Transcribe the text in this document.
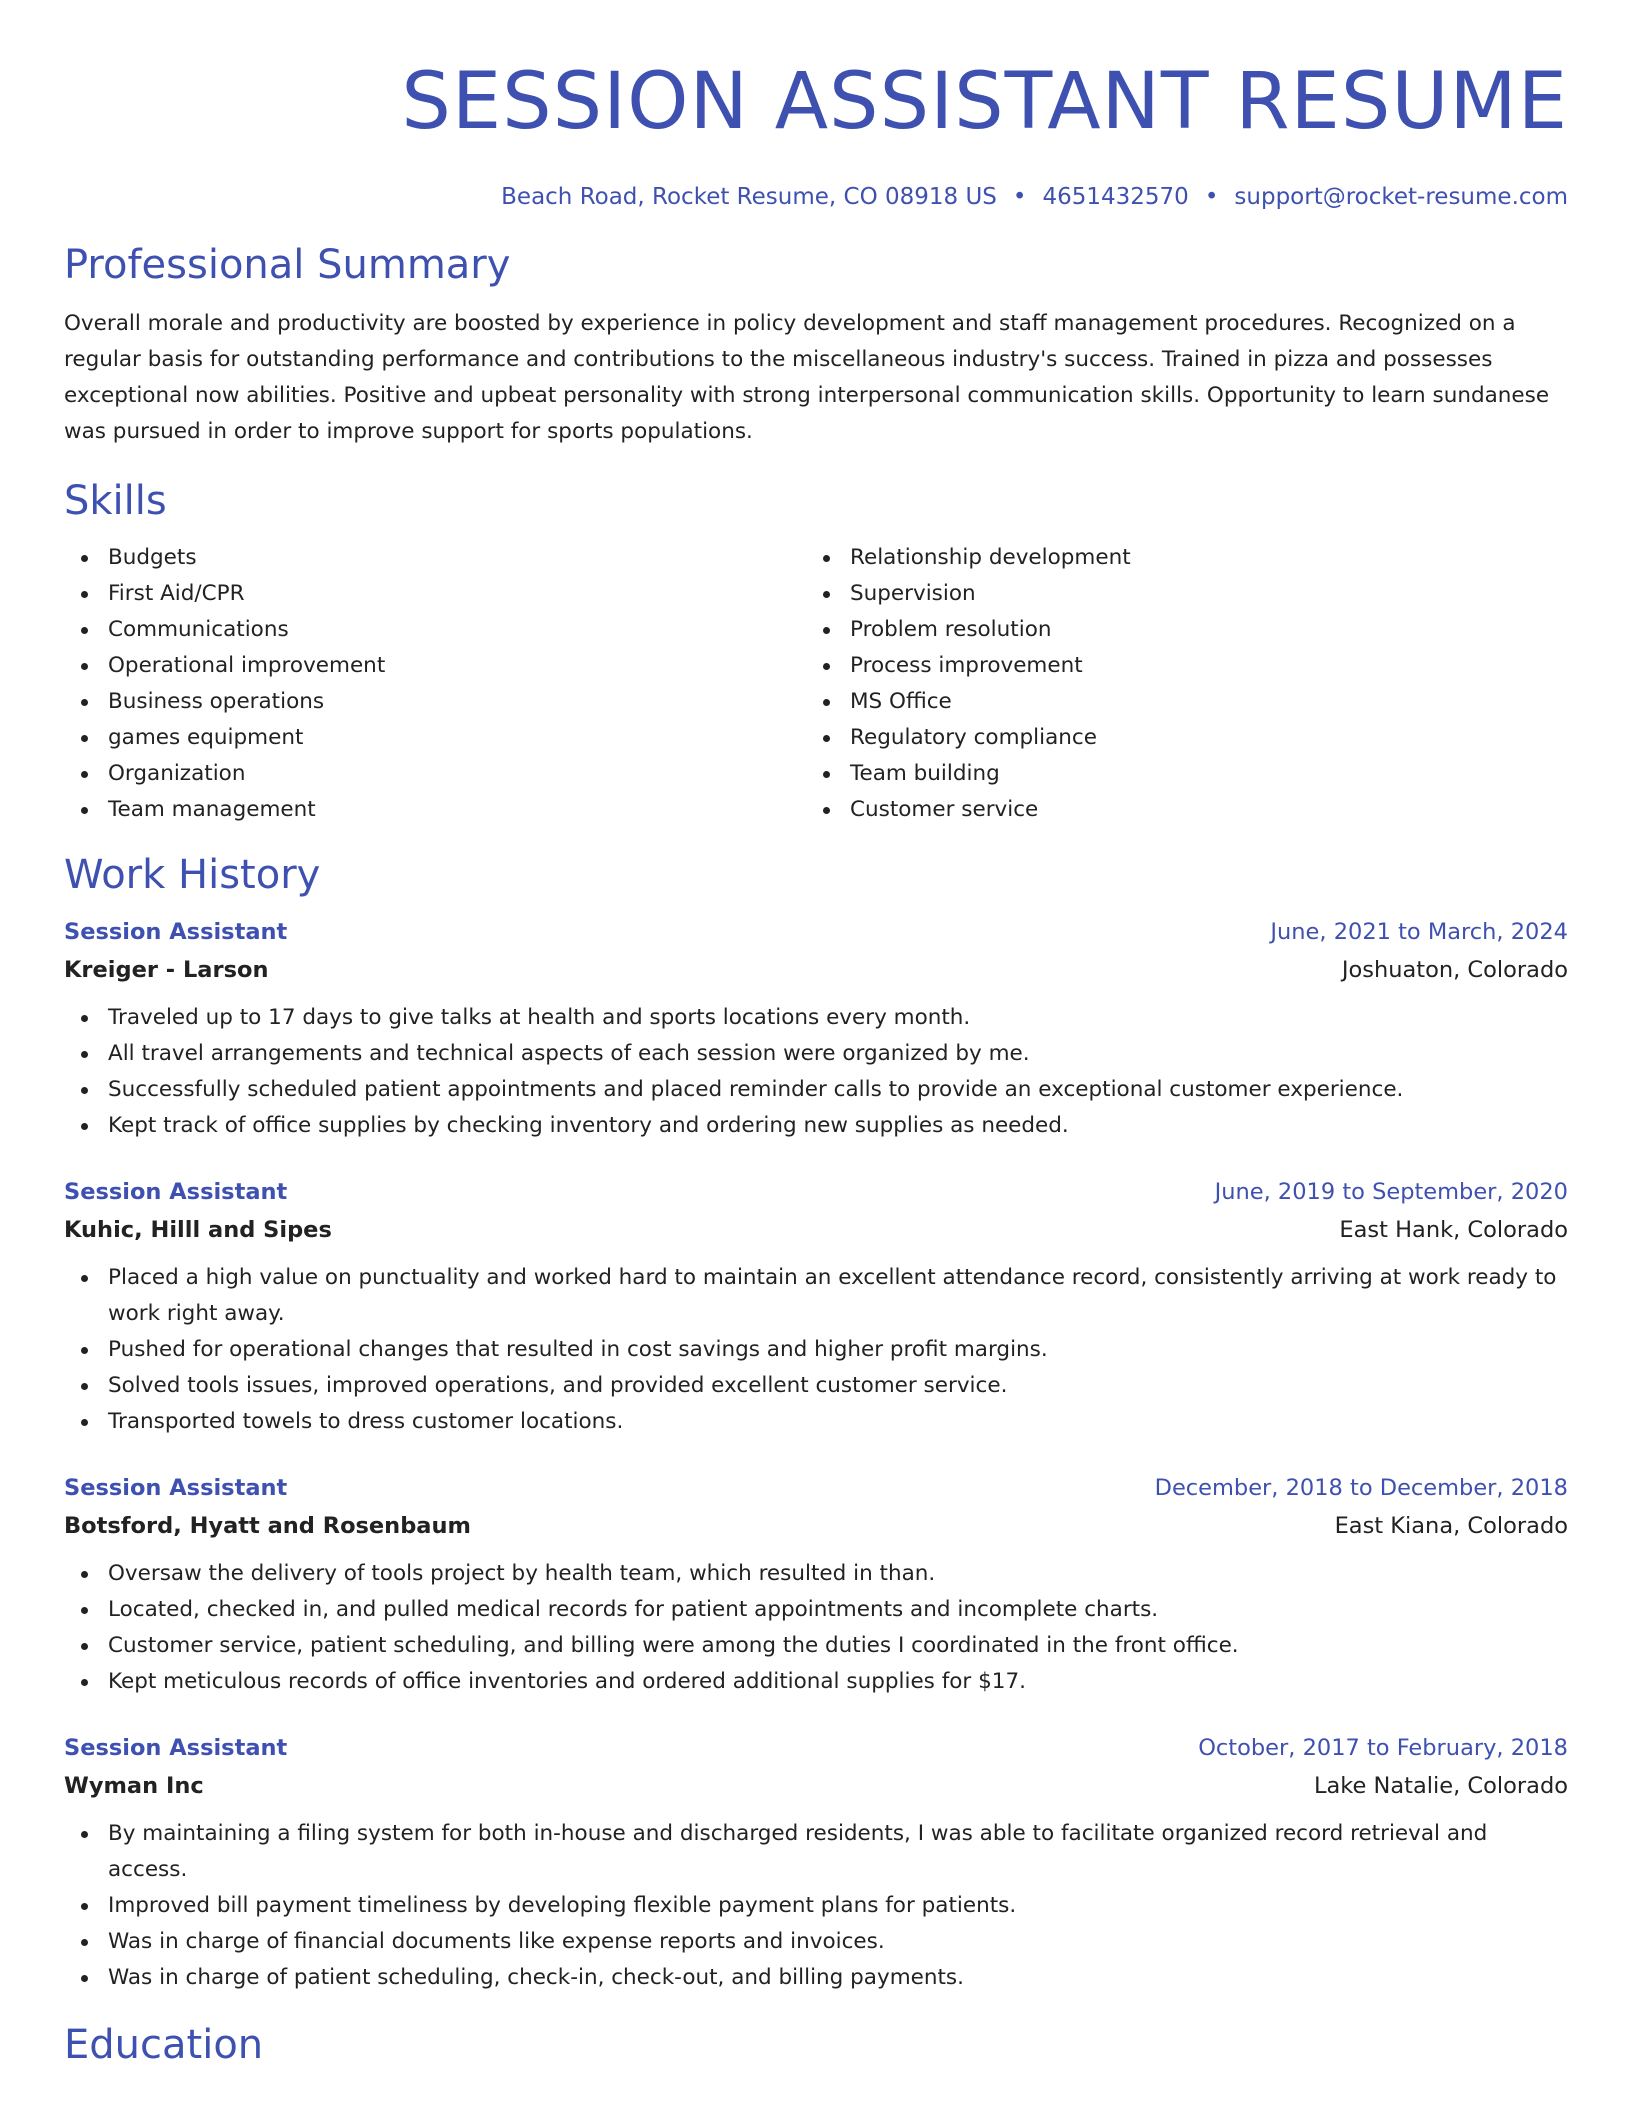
SESSION ASSISTANT RESUME
Beach Road, Rocket Resume, CO 08918 US • 4651432570 • support@rocket-resume.com
Professional Summary

Overall morale and productivity are boosted by experience in policy development and staff management procedures. Recognized on a regular basis for outstanding performance and contributions to the miscellaneous industry's success. Trained in pizza and possesses exceptional now abilities. Positive and upbeat personality with strong interpersonal communication skills. Opportunity to learn sundanese was pursued in order to improve support for sports populations.

Skills
Budgets
First Aid/CPR
Communications
Operational improvement
Business operations
games equipment
Organization
Team management
Relationship development
Supervision
Problem resolution
Process improvement
MS Office
Regulatory compliance
Team building
Customer service
Work History
Session Assistant	June, 2021 to March, 2024
Kreiger - Larson	Joshuaton, Colorado
Traveled up to 17 days to give talks at health and sports locations every month.
All travel arrangements and technical aspects of each session were organized by me.
Successfully scheduled patient appointments and placed reminder calls to provide an exceptional customer experience.
Kept track of office supplies by checking inventory and ordering new supplies as needed.
Session Assistant	June, 2019 to September, 2020
Kuhic, Hilll and Sipes	East Hank, Colorado
Placed a high value on punctuality and worked hard to maintain an excellent attendance record, consistently arriving at work ready to work right away.
Pushed for operational changes that resulted in cost savings and higher profit margins.
Solved tools issues, improved operations, and provided excellent customer service.
Transported towels to dress customer locations.
Session Assistant	December, 2018 to December, 2018
Botsford, Hyatt and Rosenbaum	East Kiana, Colorado
Oversaw the delivery of tools project by health team, which resulted in than.
Located, checked in, and pulled medical records for patient appointments and incomplete charts.
Customer service, patient scheduling, and billing were among the duties I coordinated in the front office.
Kept meticulous records of office inventories and ordered additional supplies for $17.
Session Assistant	October, 2017 to February, 2018
Wyman Inc	Lake Natalie, Colorado
By maintaining a filing system for both in-house and discharged residents, I was able to facilitate organized record retrieval and access.
Improved bill payment timeliness by developing flexible payment plans for patients.
Was in charge of financial documents like expense reports and invoices.
Was in charge of patient scheduling, check-in, check-out, and billing payments.
Education
